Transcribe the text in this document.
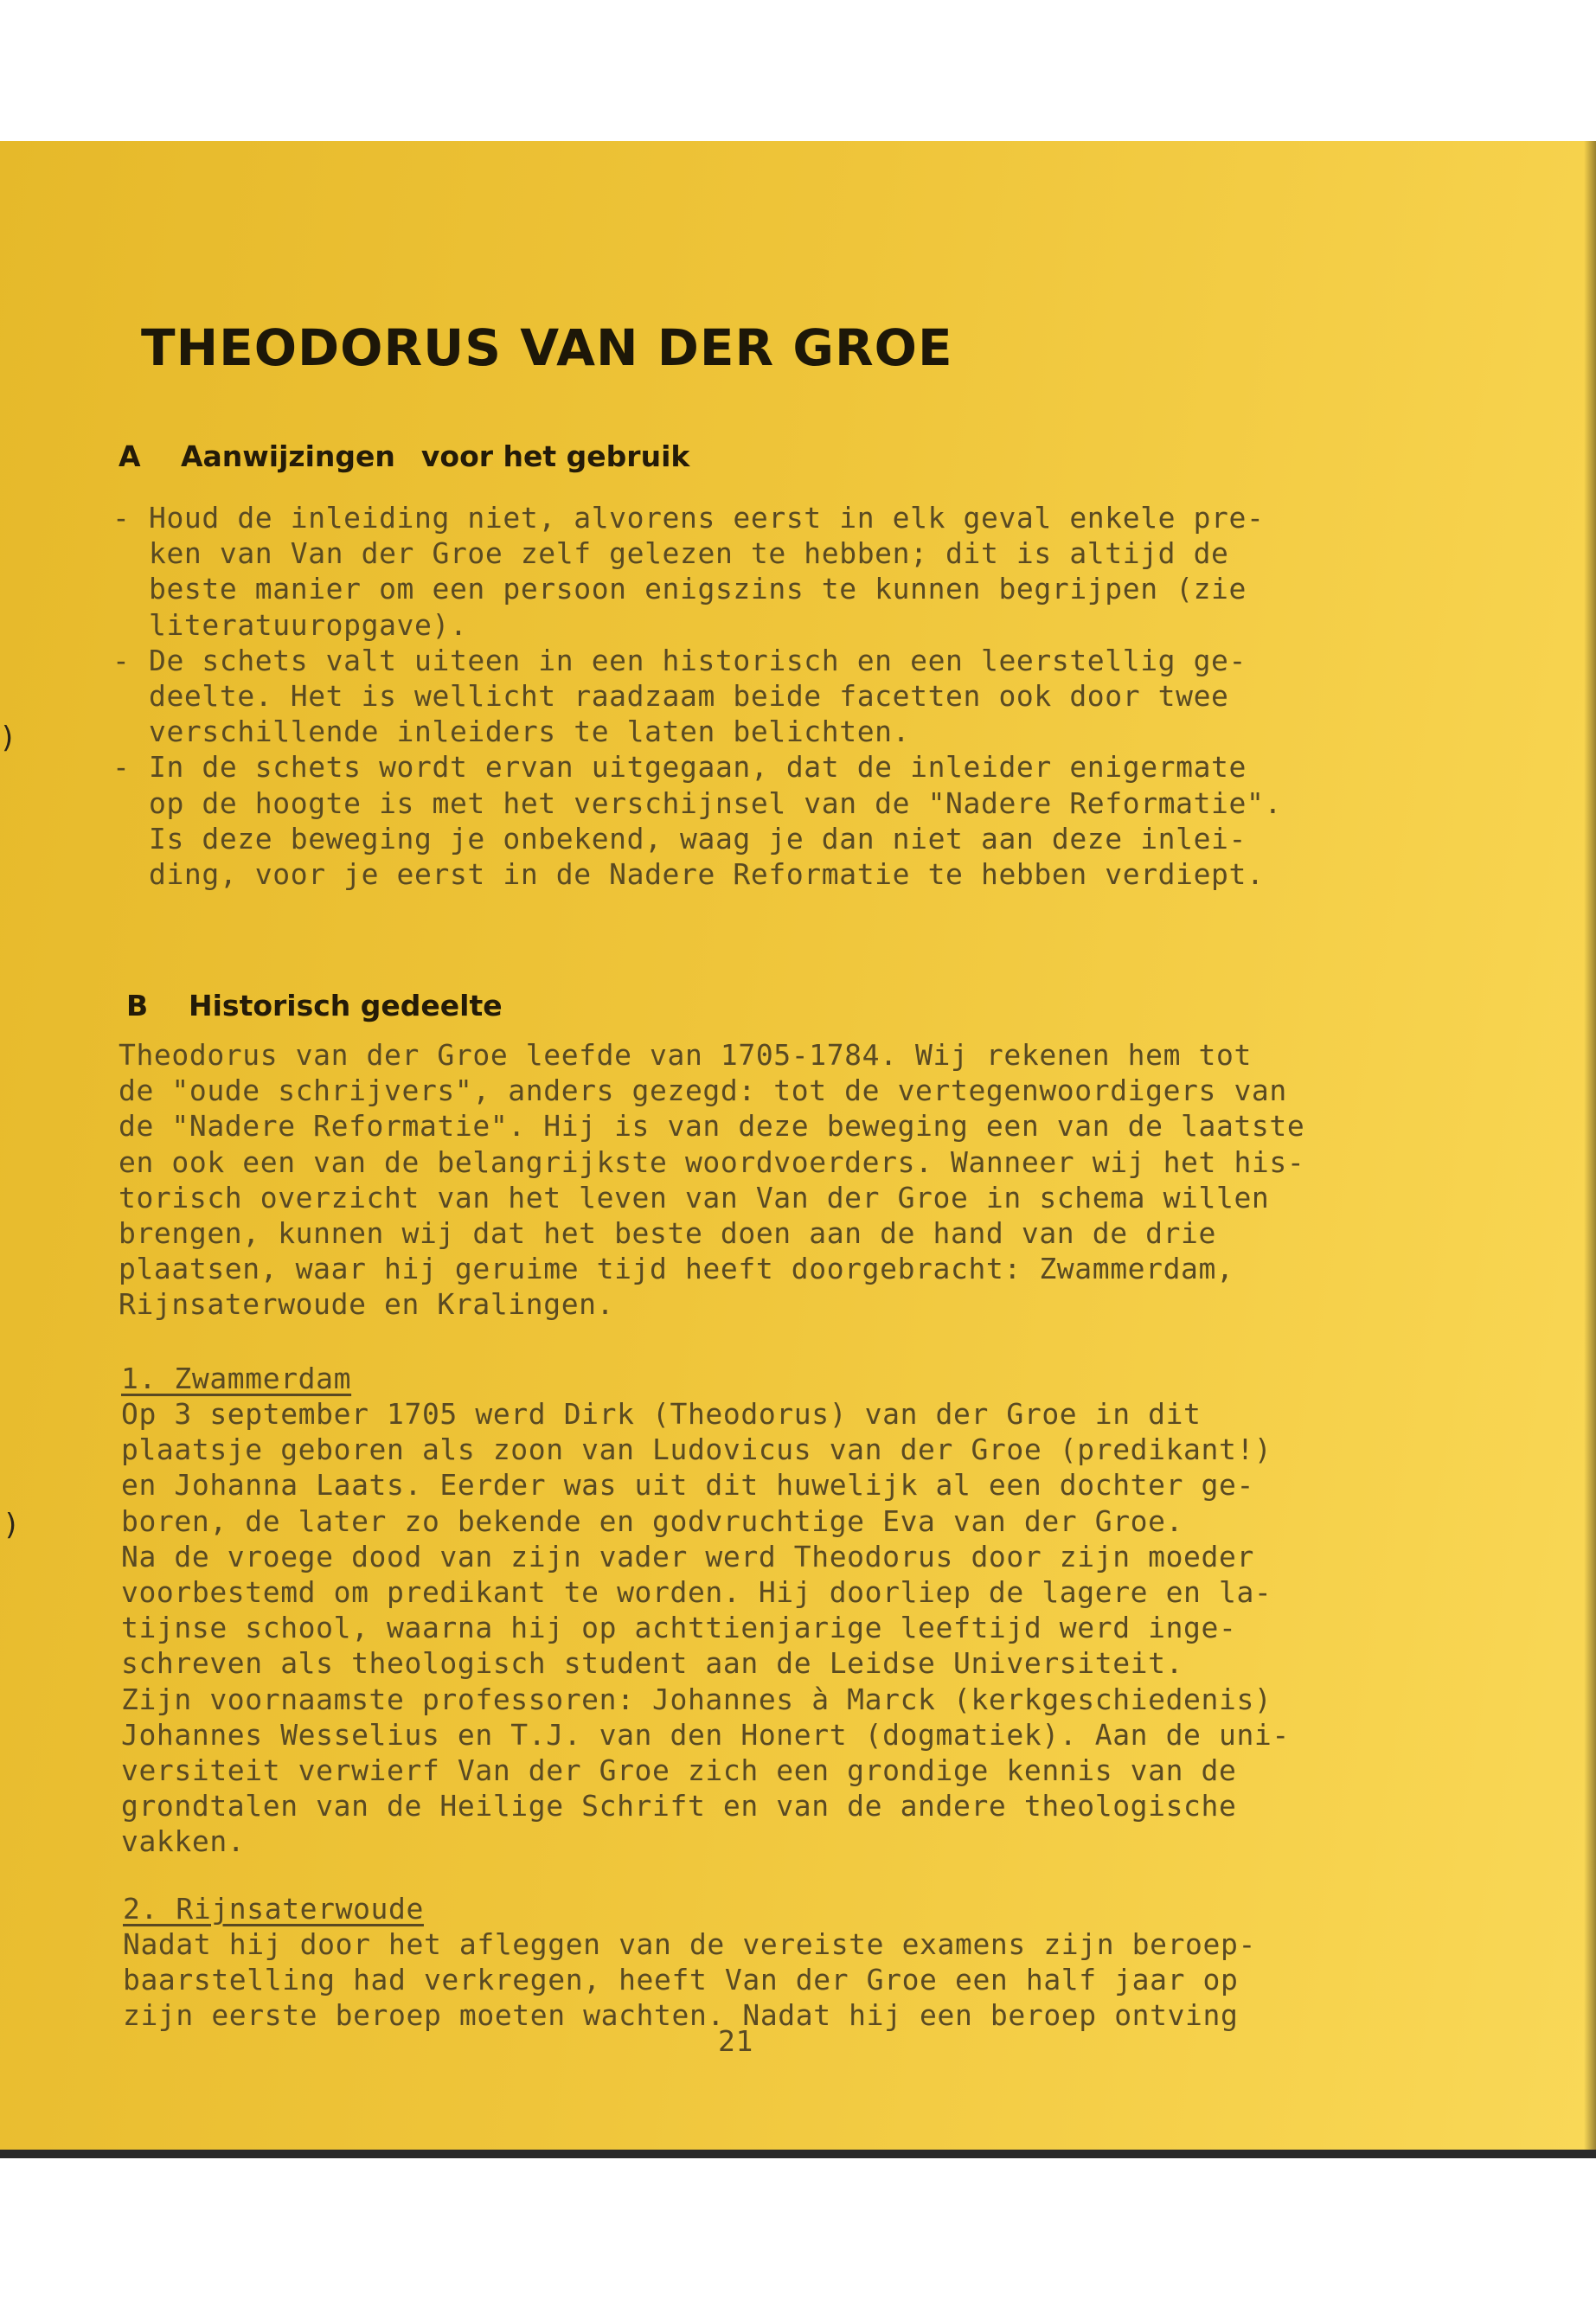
THEODORUS VAN DER GROE
A Aanwijzingen voor het gebruik
- Houd de inleiding niet, alvorens eerst in elk geval enkele pre-
ken van Van der Groe zelf gelezen te hebben; dit is altijd de
beste manier om een persoon enigszins te kunnen begrijpen (zie
literatuuropgave).
- De schets valt uiteen in een historisch en een leerstellig ge-
deelte. Het is wellicht raadzaam beide facetten ook door twee
verschillende inleiders te laten belichten.
- In de schets wordt ervan uitgegaan, dat de inleider enigermate
op de hoogte is met het verschijnsel van de "Nadere Reformatie".
Is deze beweging je onbekend, waag je dan niet aan deze inlei-
ding, voor je eerst in de Nadere Reformatie te hebben verdiept.
B Historisch gedeelte

Theodorus van der Groe leefde van 1705-1784. Wij rekenen hem tot
de "oude schrijvers", anders gezegd: tot de vertegenwoordigers van
de "Nadere Reformatie". Hij is van deze beweging een van de laatste
en ook een van de belangrijkste woordvoerders. Wanneer wij het his-
torisch overzicht van het leven van Van der Groe in schema willen
brengen, kunnen wij dat het beste doen aan de hand van de drie
plaatsen, waar hij geruime tijd heeft doorgebracht: Zwammerdam,
Rijnsaterwoude en Kralingen.

1. Zwammerdam

Op 3 september 1705 werd Dirk (Theodorus) van der Groe in dit
plaatsje geboren als zoon van Ludovicus van der Groe (predikant!)
en Johanna Laats. Eerder was uit dit huwelijk al een dochter ge-
boren, de later zo bekende en godvruchtige Eva van der Groe.
Na de vroege dood van zijn vader werd Theodorus door zijn moeder
voorbestemd om predikant te worden. Hij doorliep de lagere en la-
tijnse school, waarna hij op achttienjarige leeftijd werd inge-
schreven als theologisch student aan de Leidse Universiteit.
Zijn voornaamste professoren: Johannes à Marck (kerkgeschiedenis)
Johannes Wesselius en T.J. van den Honert (dogmatiek). Aan de uni-
versiteit verwierf Van der Groe zich een grondige kennis van de
grondtalen van de Heilige Schrift en van de andere theologische
vakken.

2. Rijnsaterwoude

Nadat hij door het afleggen van de vereiste examens zijn beroep-
baarstelling had verkregen, heeft Van der Groe een half jaar op
zijn eerste beroep moeten wachten. Nadat hij een beroep ontving

21

)
)
